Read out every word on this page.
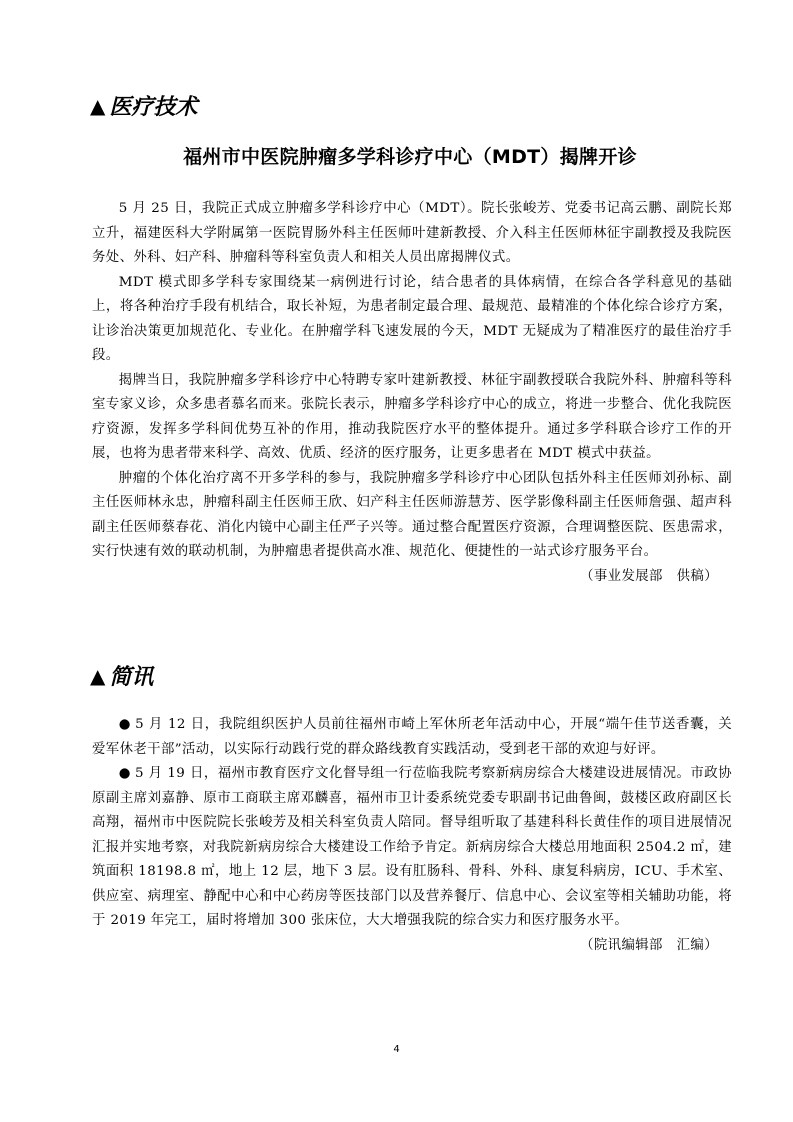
▲ 医疗技术
福州市中医院肿瘤多学科诊疗中心（MDT）揭牌开诊

5 月 25 日，我院正式成立肿瘤多学科诊疗中心（MDT）。院长张峻芳、党委书记高云鹏、副院长郑立升，福建医科大学附属第一医院胃肠外科主任医师叶建新教授、介入科主任医师林征宇副教授及我院医务处、外科、妇产科、肿瘤科等科室负责人和相关人员出席揭牌仪式。

MDT 模式即多学科专家围绕某一病例进行讨论，结合患者的具体病情，在综合各学科意见的基础上，将各种治疗手段有机结合，取长补短，为患者制定最合理、最规范、最精准的个体化综合诊疗方案，让诊治决策更加规范化、专业化。在肿瘤学科飞速发展的今天，MDT 无疑成为了精准医疗的最佳治疗手段。

揭牌当日，我院肿瘤多学科诊疗中心特聘专家叶建新教授、林征宇副教授联合我院外科、肿瘤科等科室专家义诊，众多患者慕名而来。张院长表示，肿瘤多学科诊疗中心的成立，将进一步整合、优化我院医疗资源，发挥多学科间优势互补的作用，推动我院医疗水平的整体提升。通过多学科联合诊疗工作的开展，也将为患者带来科学、高效、优质、经济的医疗服务，让更多患者在 MDT 模式中获益。

肿瘤的个体化治疗离不开多学科的参与，我院肿瘤多学科诊疗中心团队包括外科主任医师刘孙标、副主任医师林永忠，肿瘤科副主任医师王欣、妇产科主任医师游慧芳、医学影像科副主任医师詹强、超声科副主任医师蔡春花、消化内镜中心副主任严子兴等。通过整合配置医疗资源，合理调整医院、医患需求，实行快速有效的联动机制，为肿瘤患者提供高水准、规范化、便捷性的一站式诊疗服务平台。

（事业发展部　供稿）

▲ 简讯

● 5 月 12 日，我院组织医护人员前往福州市崎上军休所老年活动中心，开展“端午佳节送香囊，关爱军休老干部”活动，以实际行动践行党的群众路线教育实践活动，受到老干部的欢迎与好评。

● 5 月 19 日，福州市教育医疗文化督导组一行莅临我院考察新病房综合大楼建设进展情况。市政协原副主席刘嘉静、原市工商联主席邓麟喜，福州市卫计委系统党委专职副书记曲鲁闽，鼓楼区政府副区长高翔，福州市中医院院长张峻芳及相关科室负责人陪同。督导组听取了基建科科长黄佳作的项目进展情况汇报并实地考察，对我院新病房综合大楼建设工作给予肯定。新病房综合大楼总用地面积 2504.2 ㎡，建筑面积 18198.8 ㎡，地上 12 层，地下 3 层。设有肛肠科、骨科、外科、康复科病房，ICU、手术室、供应室、病理室、静配中心和中心药房等医技部门以及营养餐厅、信息中心、会议室等相关辅助功能，将于 2019 年完工，届时将增加 300 张床位，大大增强我院的综合实力和医疗服务水平。

（院讯编辑部　汇编）

4
